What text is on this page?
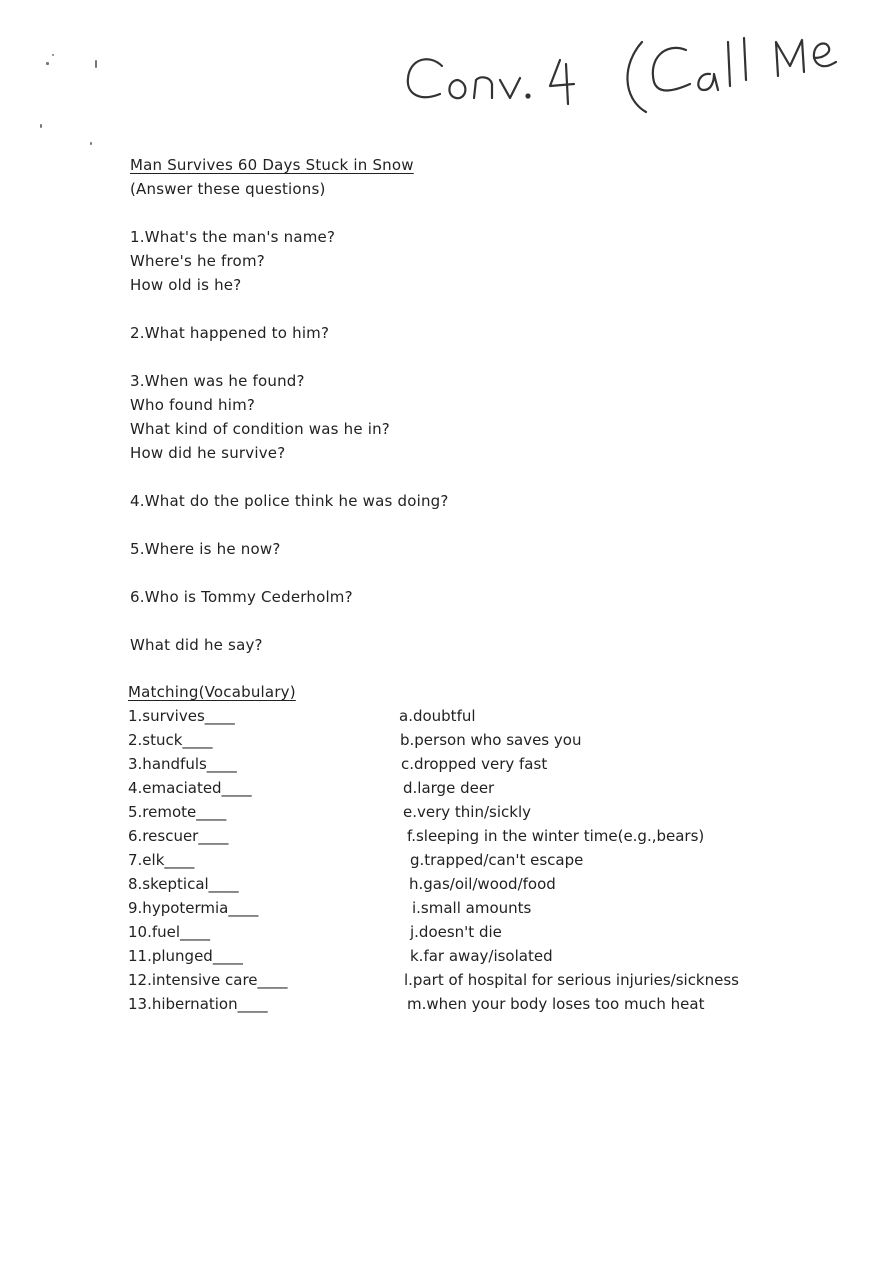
Man Survives 60 Days Stuck in Snow
(Answer these questions)
1.What's the man's name?
Where's he from?
How old is he?
2.What happened to him?
3.When was he found?
Who found him?
What kind of condition was he in?
How did he survive?
4.What do the police think he was doing?
5.Where is he now?
6.Who is Tommy Cederholm?
What did he say?
Matching(Vocabulary)
1.survives____
2.stuck____
3.handfuls____
4.emaciated____
5.remote____
6.rescuer____
7.elk____
8.skeptical____
9.hypotermia____
10.fuel____
11.plunged____
12.intensive care____
13.hibernation____
a.doubtful
b.person who saves you
c.dropped very fast
d.large deer
e.very thin/sickly
f.sleeping in the winter time(e.g.,bears)
g.trapped/can't escape
h.gas/oil/wood/food
i.small amounts
j.doesn't die
k.far away/isolated
l.part of hospital for serious injuries/sickness
m.when your body loses too much heat
